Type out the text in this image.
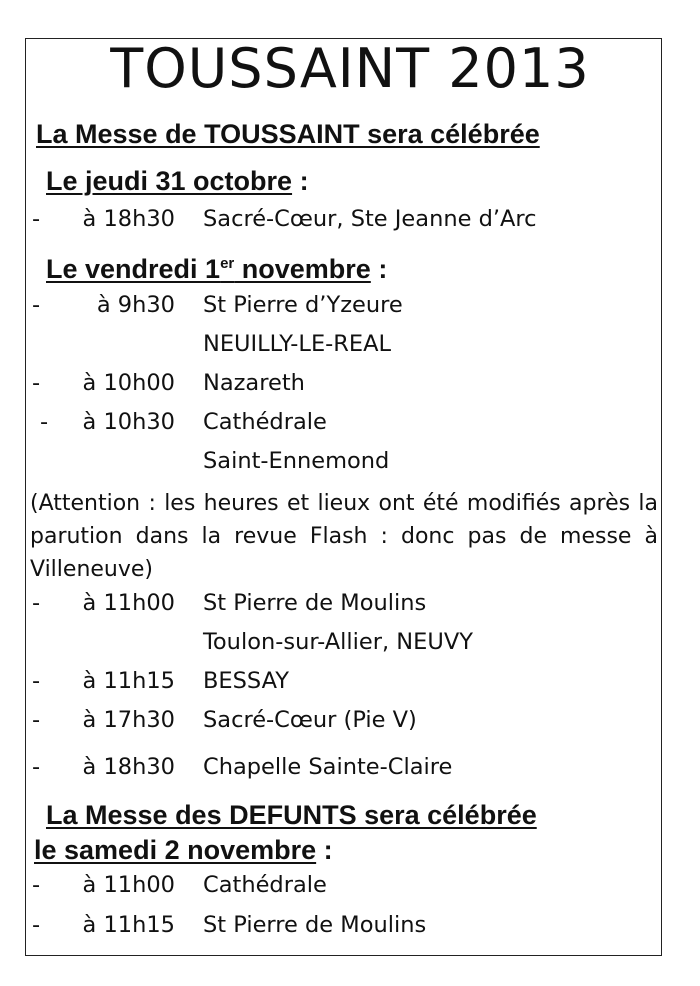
TOUSSAINT 2013
La Messe de TOUSSAINT sera célébrée
Le jeudi 31 octobre :
- à 18h30 Sacré-Cœur, Ste Jeanne d’Arc
Le vendredi 1er novembre :
-	à 9h30 St Pierre d’Yzeure
NEUILLY-LE-REAL
- à 10h00 Nazareth
- à 10h30 Cathédrale
Saint-Ennemond
(Attention : les heures et lieux ont été modifiés après la parution dans la revue Flash : donc pas de messe à Villeneuve)
- à 11h00 St Pierre de Moulins
Toulon-sur-Allier, NEUVY
- à 11h15 BESSAY
- à 17h30 Sacré-Cœur (Pie V)
- à 18h30 Chapelle Sainte-Claire
La Messe des DEFUNTS sera célébrée
le samedi 2 novembre :
- à 11h00 Cathédrale
- à 11h15 St Pierre de Moulins
